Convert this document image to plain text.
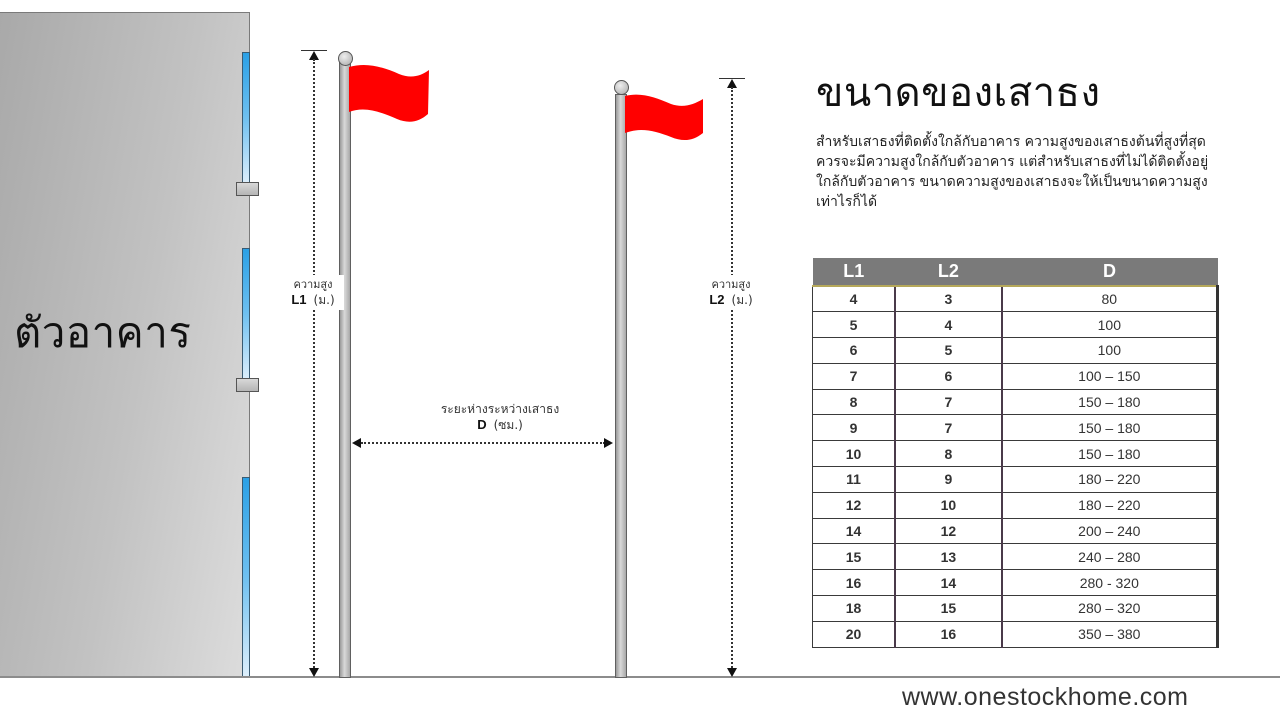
ตัวอาคาร
ความสูง
L1 (ม.)
ความสูง
L2 (ม.)
ระยะห่างระหว่างเสาธง
D (ซม.)
ขนาดของเสาธง
สำหรับเสาธงที่ติดตั้งใกล้กับอาคาร ความสูงของเสาธงต้นที่สูงที่สุด ควรจะมีความสูงใกล้กับตัวอาคาร แต่สำหรับเสาธงที่ไม่ได้ติดตั้งอยู่ใกล้กับตัวอาคาร ขนาดความสูงของเสาธงจะให้เป็นขนาดความสูงเท่าไรก็ได้
L1	L2	D
4	3	80
5	4	100
6	5	100
7	6	100 – 150
8	7	150 – 180
9	7	150 – 180
10	8	150 – 180
11	9	180 – 220
12	10	180 – 220
14	12	200 – 240
15	13	240 – 280
16	14	280 - 320
18	15	280 – 320
20	16	350 – 380
www.onestockhome.com
